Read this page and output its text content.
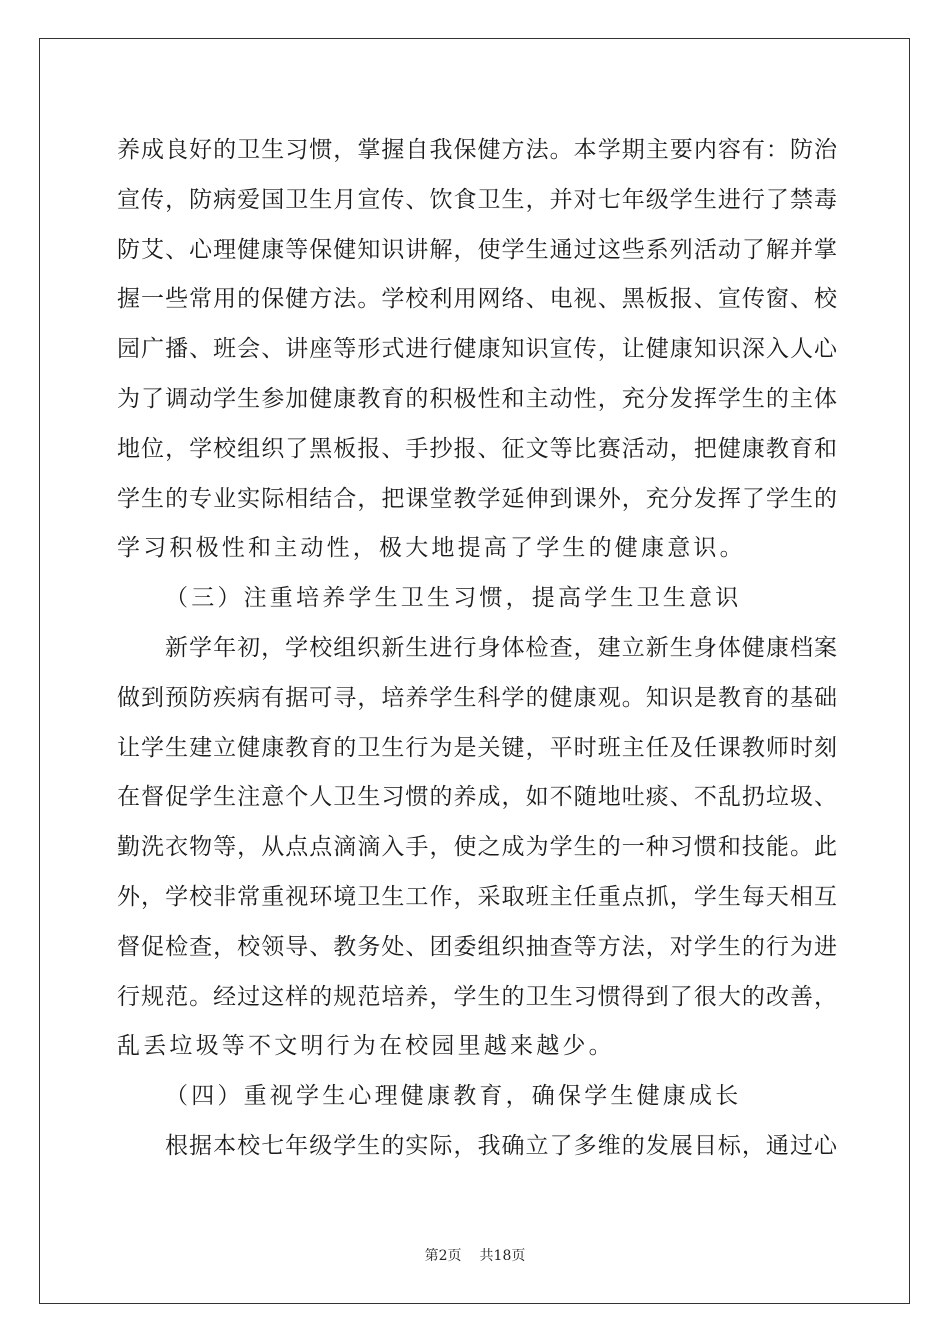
养成良好的卫生习惯，掌握自我保健方法。本学期主要内容有：防治
宣传，防病爱国卫生月宣传、饮食卫生，并对七年级学生进行了禁毒
防艾、心理健康等保健知识讲解，使学生通过这些系列活动了解并掌
握一些常用的保健方法。学校利用网络、电视、黑板报、宣传窗、校
园广播、班会、讲座等形式进行健康知识宣传，让健康知识深入人心
为了调动学生参加健康教育的积极性和主动性，充分发挥学生的主体
地位，学校组织了黑板报、手抄报、征文等比赛活动，把健康教育和
学生的专业实际相结合，把课堂教学延伸到课外，充分发挥了学生的
学习积极性和主动性，极大地提高了学生的健康意识。
（三）注重培养学生卫生习惯，提高学生卫生意识
新学年初，学校组织新生进行身体检查，建立新生身体健康档案
做到预防疾病有据可寻，培养学生科学的健康观。知识是教育的基础
让学生建立健康教育的卫生行为是关键，平时班主任及任课教师时刻
在督促学生注意个人卫生习惯的养成，如不随地吐痰、不乱扔垃圾、
勤洗衣物等，从点点滴滴入手，使之成为学生的一种习惯和技能。此
外，学校非常重视环境卫生工作，采取班主任重点抓，学生每天相互
督促检查，校领导、教务处、团委组织抽查等方法，对学生的行为进
行规范。经过这样的规范培养，学生的卫生习惯得到了很大的改善，
乱丢垃圾等不文明行为在校园里越来越少。
（四）重视学生心理健康教育，确保学生健康成长
根据本校七年级学生的实际，我确立了多维的发展目标，通过心
第2页 共18页
